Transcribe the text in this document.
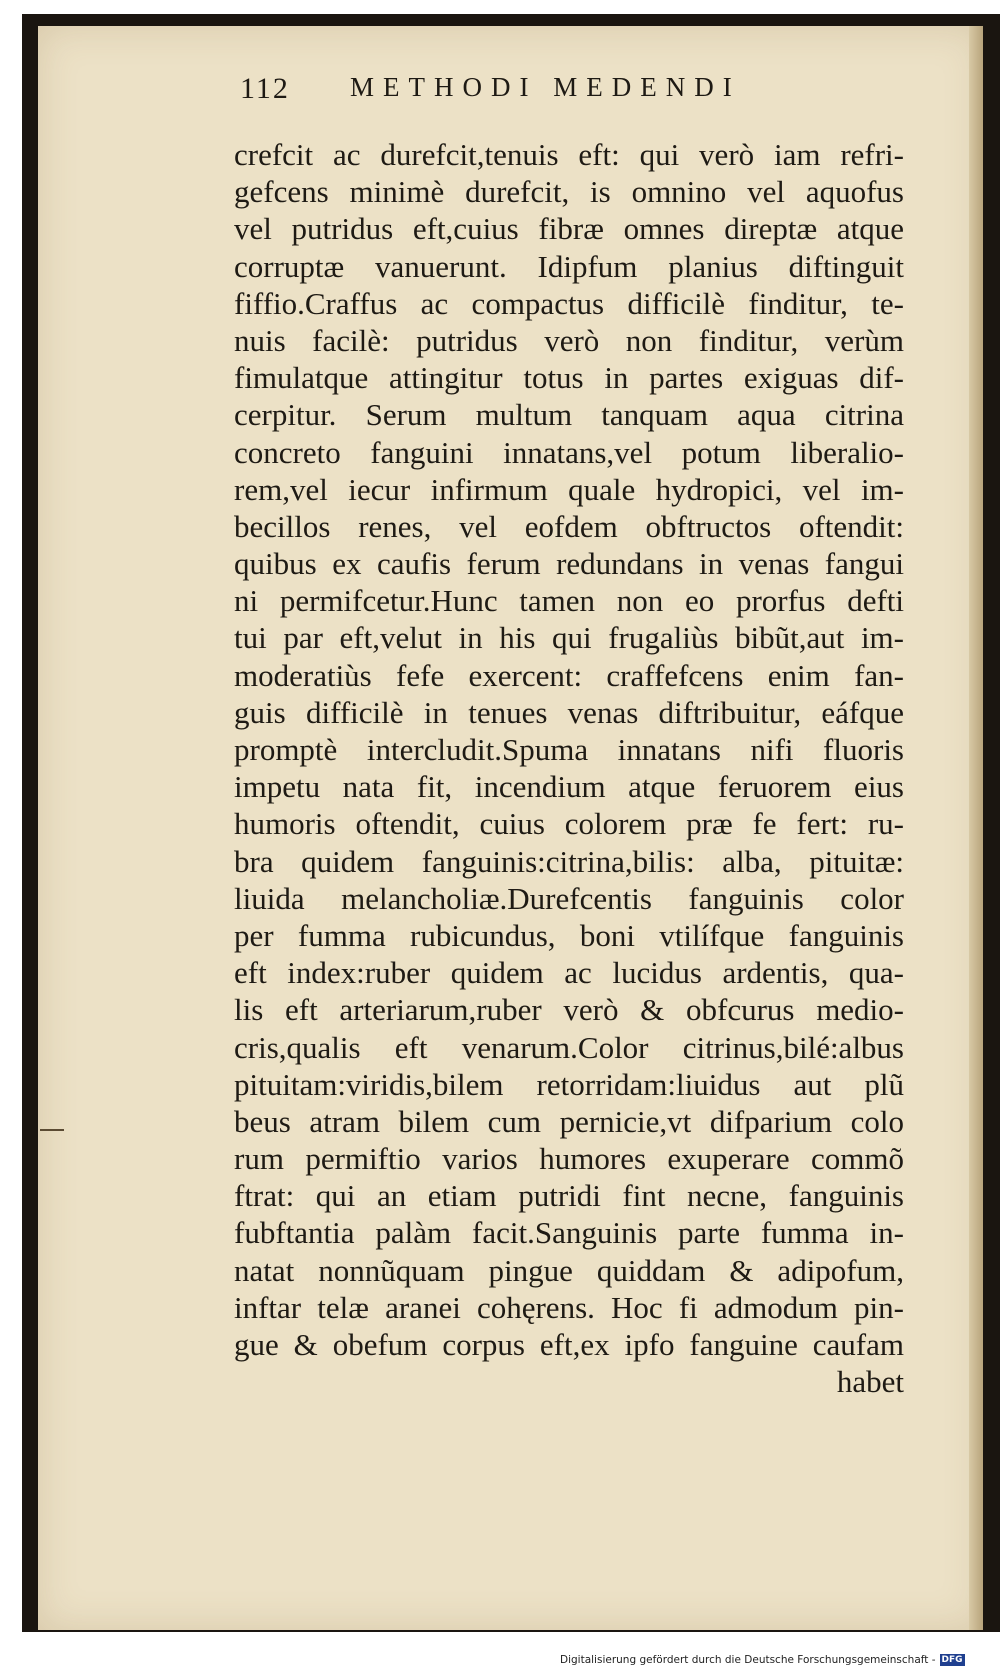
112 METHODI MEDENDI
crefcit ac durefcit,tenuis eft: qui verò iam refri-
gefcens minimè durefcit, is omnino vel aquofus
vel putridus eft,cuius fibræ omnes direptæ atque
corruptæ vanuerunt. Idipfum planius diftinguit
fiffio.Craffus ac compactus difficilè finditur, te-
nuis facilè: putridus verò non finditur, verùm
fimulatque attingitur totus in partes exiguas dif-
cerpitur. Serum multum tanquam aqua citrina
concreto fanguini innatans,vel potum liberalio-
rem,vel iecur infirmum quale hydropici, vel im-
becillos renes, vel eofdem obftructos oftendit:
quibus ex caufis ferum redundans in venas fangui
ni permifcetur.Hunc tamen non eo prorfus defti
tui par eft,velut in his qui frugaliùs bibũt,aut im-
moderatiùs fefe exercent: craffefcens enim fan-
guis difficilè in tenues venas diftribuitur, eáfque
promptè intercludit.Spuma innatans nifi fluoris
impetu nata fit, incendium atque feruorem eius
humoris oftendit, cuius colorem præ fe fert: ru-
bra quidem fanguinis:citrina,bilis: alba, pituitæ:
liuida melancholiæ.Durefcentis fanguinis color
per fumma rubicundus, boni vtilífque fanguinis
eft index:ruber quidem ac lucidus ardentis, qua-
lis eft arteriarum,ruber verò & obfcurus medio-
cris,qualis eft venarum.Color citrinus,bilé:albus
pituitam:viridis,bilem retorridam:liuidus aut plũ
beus atram bilem cum pernicie,vt difparium colo
rum permiftio varios humores exuperare commõ
ftrat: qui an etiam putridi fint necne, fanguinis
fubftantia palàm facit.Sanguinis parte fumma in-
natat nonnũquam pingue quiddam & adipofum,
inftar telæ aranei cohęrens. Hoc fi admodum pin-
gue & obefum corpus eft,ex ipfo fanguine caufam
habet
Digitalisierung gefördert durch die Deutsche Forschungsgemeinschaft - DFG
